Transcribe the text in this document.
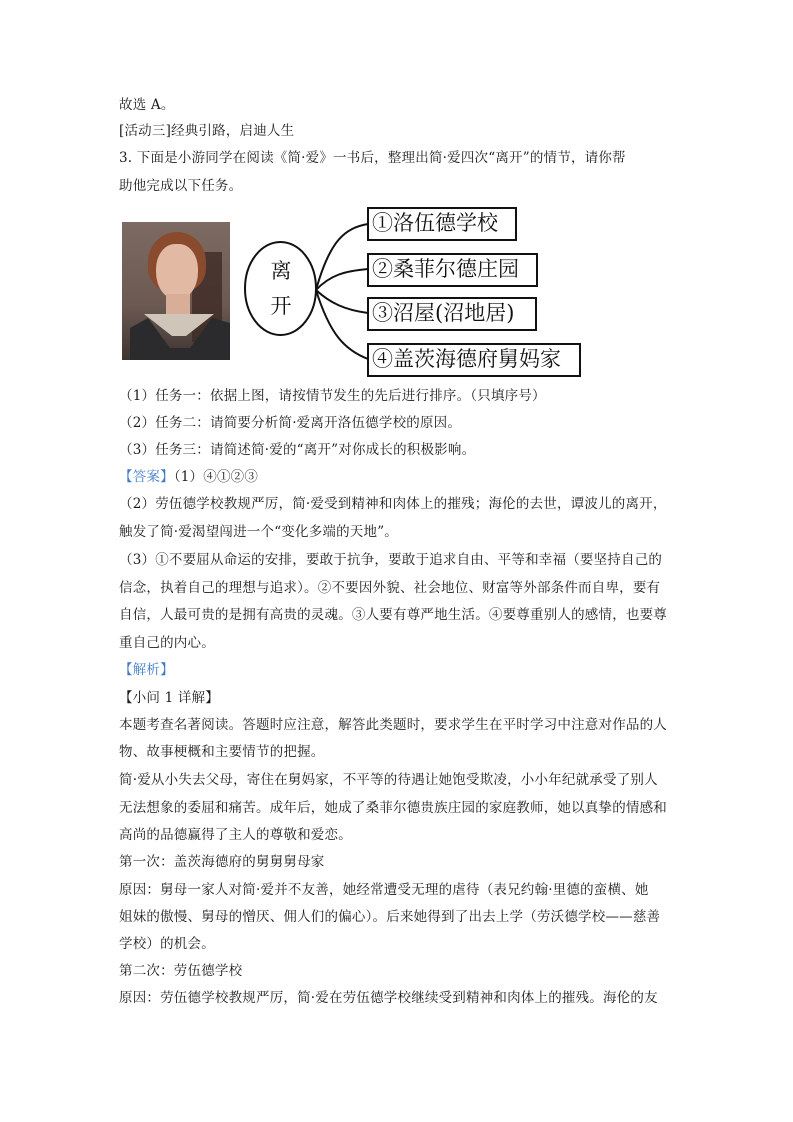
离
开
①洛伍德学校
②桑菲尔德庄园
③沼屋(沼地居)
④盖茨海德府舅妈家
故选 A。
[活动三]经典引路，启迪人生
3. 下面是小游同学在阅读《简·爱》一书后，整理出简·爱四次“离开”的情节，请你帮
助他完成以下任务。
（1）任务一：依据上图，请按情节发生的先后进行排序。（只填序号）
（2）任务二：请简要分析简·爱离开洛伍德学校的原因。
（3）任务三：请简述简·爱的“离开”对你成长的积极影响。
【答案】（1）④①②③
（2）劳伍德学校教规严厉，简·爱受到精神和肉体上的摧残；海伦的去世，谭波儿的离开，
触发了简·爱渴望闯进一个“变化多端的天地”。
（3）①不要屈从命运的安排，要敢于抗争，要敢于追求自由、平等和幸福（要坚持自己的
信念，执着自己的理想与追求）。②不要因外貌、社会地位、财富等外部条件而自卑，要有
自信，人最可贵的是拥有高贵的灵魂。③人要有尊严地生活。④要尊重别人的感情，也要尊
重自己的内心。
【解析】
【小问 1 详解】
本题考查名著阅读。答题时应注意，解答此类题时，要求学生在平时学习中注意对作品的人
物、故事梗概和主要情节的把握。
简·爱从小失去父母，寄住在舅妈家，不平等的待遇让她饱受欺凌，小小年纪就承受了别人
无法想象的委屈和痛苦。成年后，她成了桑菲尔德贵族庄园的家庭教师，她以真挚的情感和
高尚的品德赢得了主人的尊敬和爱恋。
第一次：盖茨海德府的舅舅舅母家
原因：舅母一家人对简·爱并不友善，她经常遭受无理的虐待（表兄约翰·里德的蛮横、她
姐妹的傲慢、舅母的憎厌、佣人们的偏心）。后来她得到了出去上学（劳沃德学校——慈善
学校）的机会。
第二次：劳伍德学校
原因：劳伍德学校教规严厉，简·爱在劳伍德学校继续受到精神和肉体上的摧残。海伦的友
